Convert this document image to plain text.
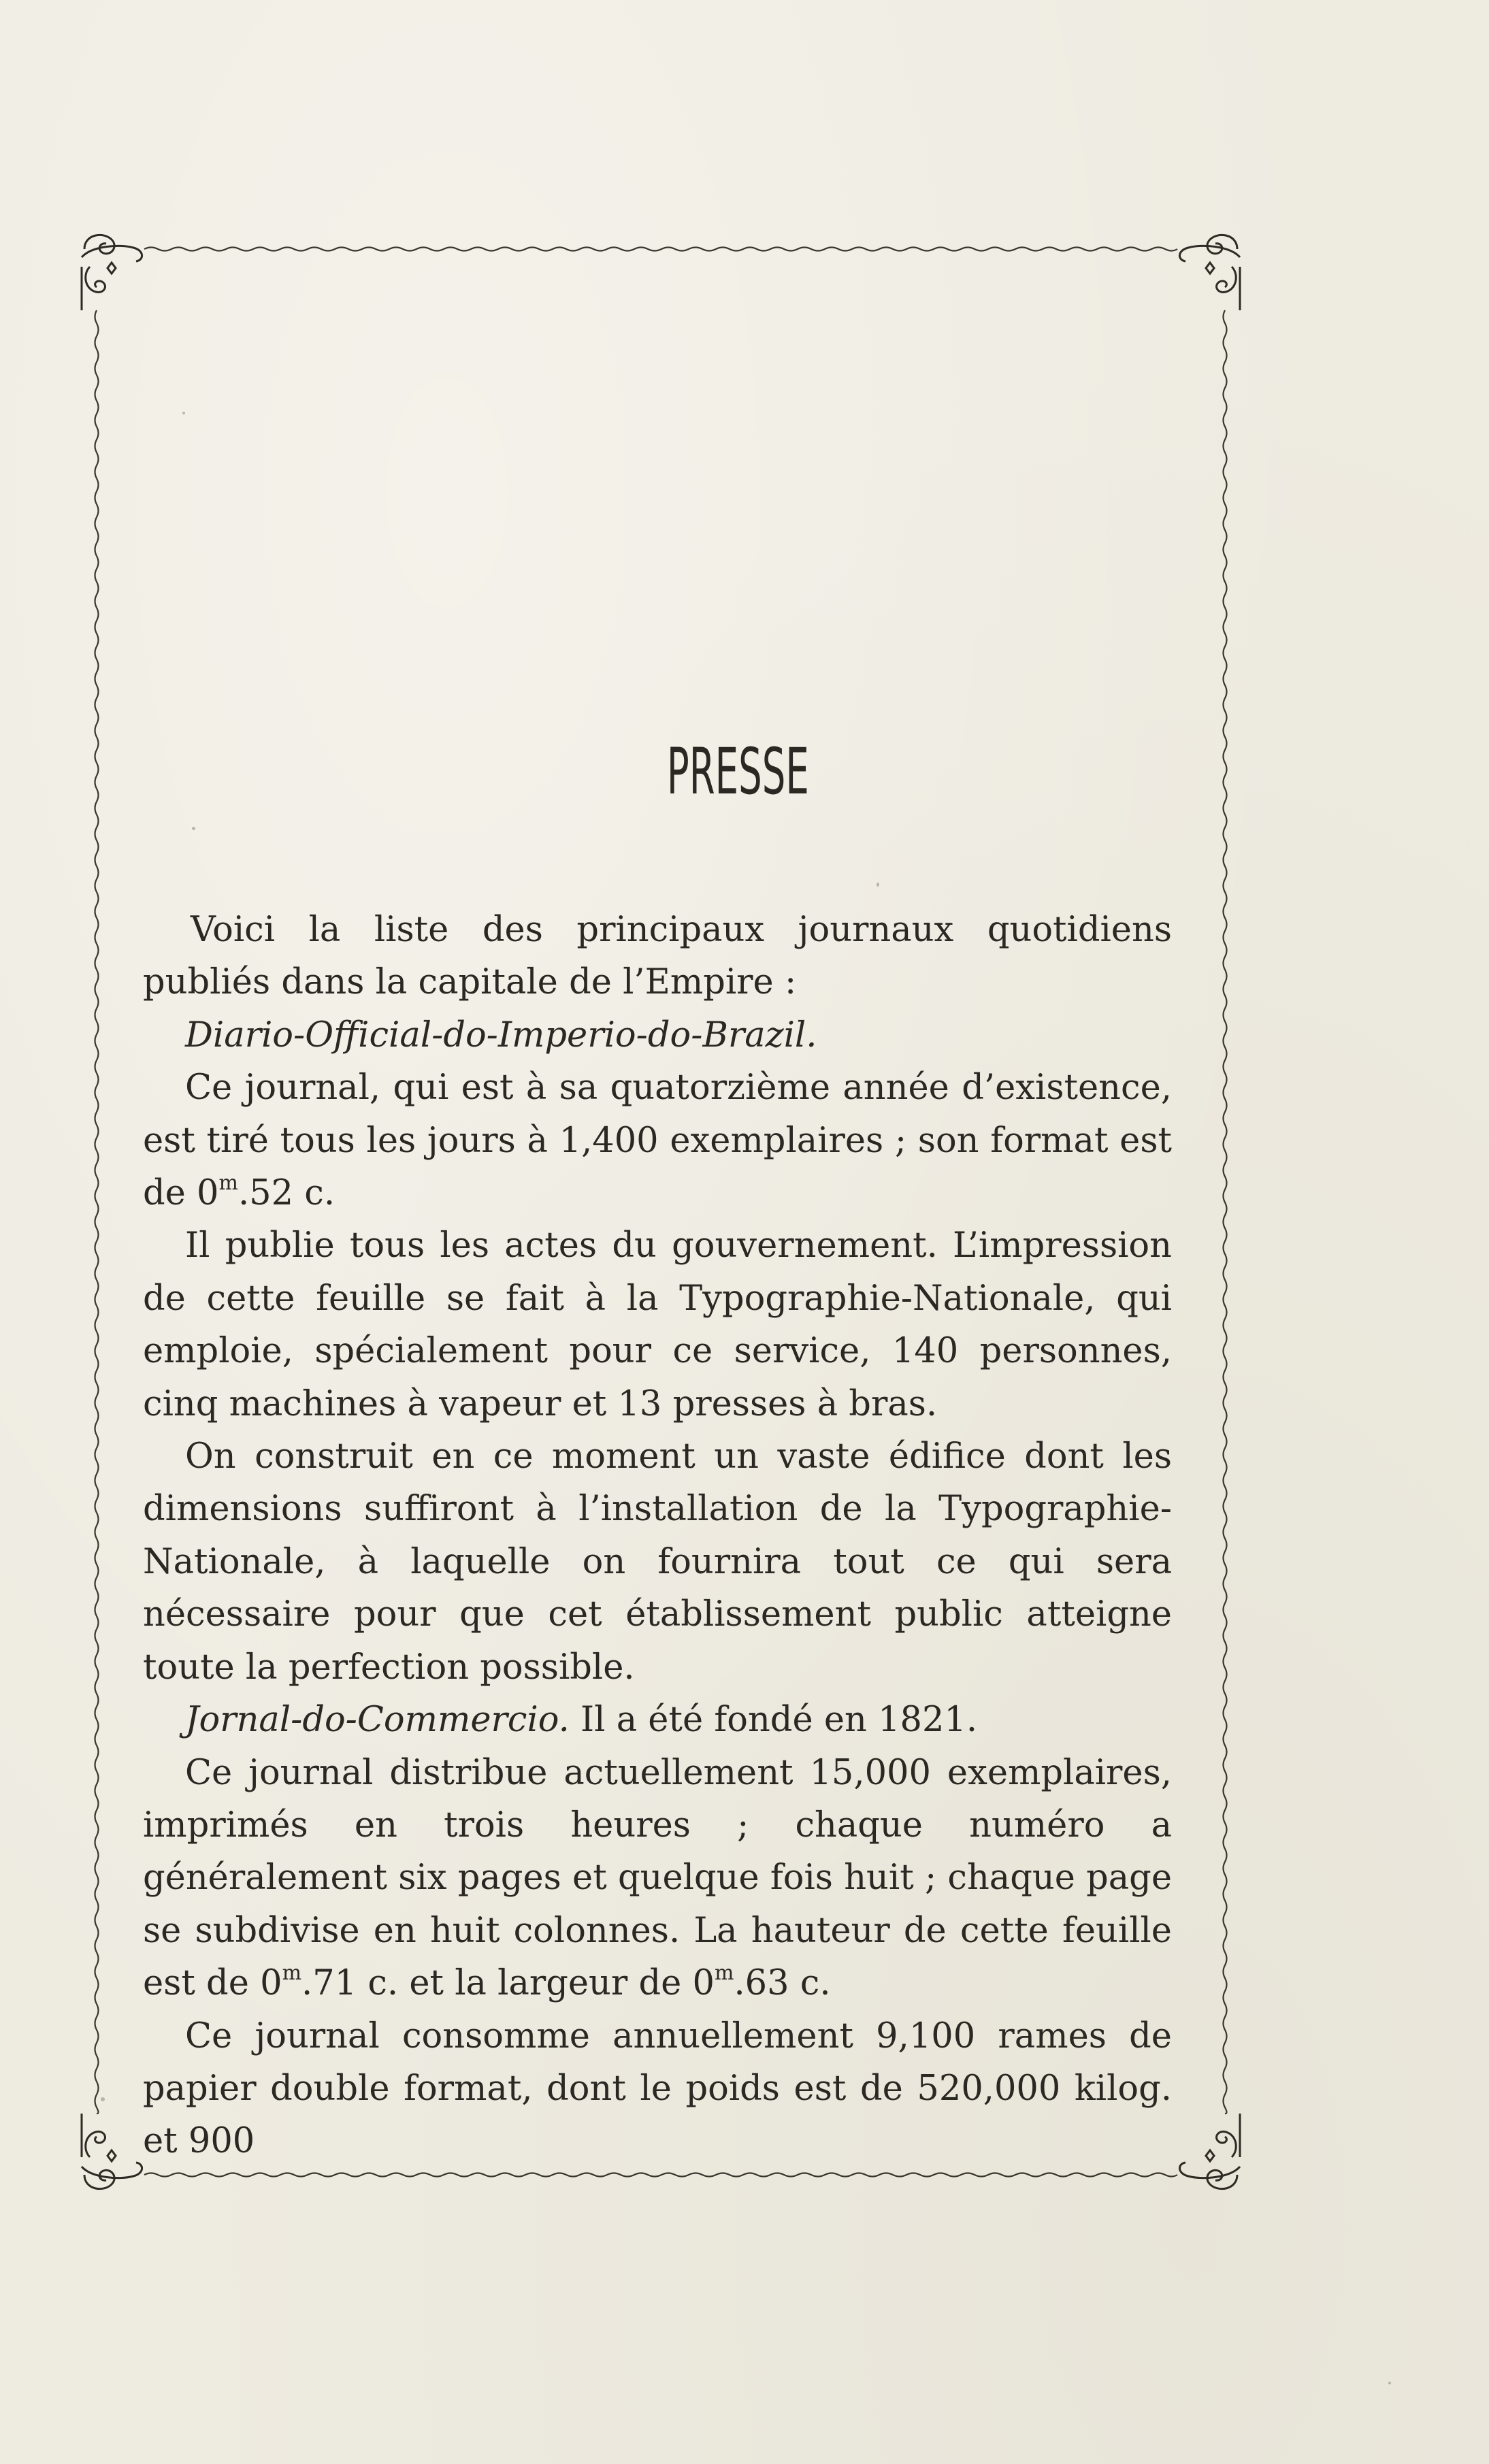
PRESSE

Voici la liste des principaux journaux quotidiens publiés dans la capitale de l’Empire :

Diario-Official-do-Imperio-do-Brazil.

Ce journal, qui est à sa quatorzième année d’existence, est tiré tous les jours à 1,400 exemplaires ; son format est de 0$^m$.52 c.

Il publie tous les actes du gouvernement. L’impression de cette feuille se fait à la Typographie-Nationale, qui emploie, spécialement pour ce service, 140 personnes, cinq machines à vapeur et 13 presses à bras.

On construit en ce moment un vaste édifice dont les dimensions suffiront à l’installation de la Typographie-Nationale, à laquelle on fournira tout ce qui sera nécessaire pour que cet établissement public atteigne toute la perfection possible.

Jornal-do-Commercio. Il a été fondé en 1821.

Ce journal distribue actuellement 15,000 exemplaires, imprimés en trois heures ; chaque numéro a généralement six pages et quelque fois huit ; chaque page se subdivise en huit colonnes. La hauteur de cette feuille est de 0$^m$.71 c. et la largeur de 0$^m$.63 c.

Ce journal consomme annuellement 9,100 rames de papier double format, dont le poids est de 520,000 kilog. et 900
